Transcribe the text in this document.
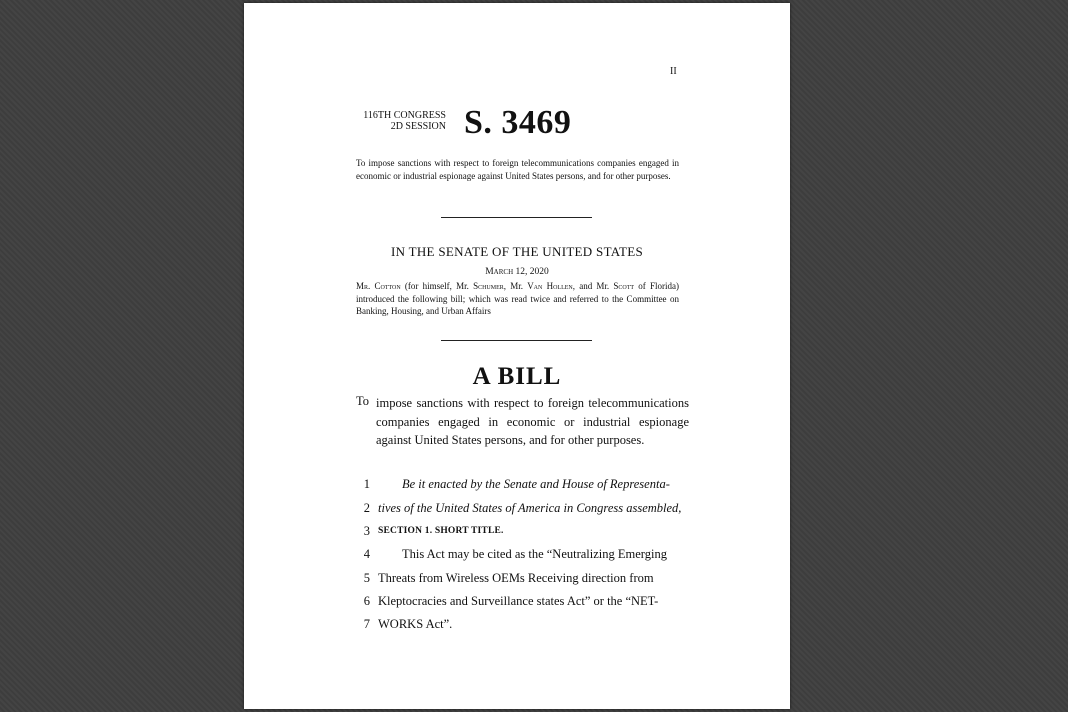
II
116TH CONGRESS
2D SESSION S. 3469
To impose sanctions with respect to foreign telecommunications companies engaged in economic or industrial espionage against United States persons, and for other purposes.
IN THE SENATE OF THE UNITED STATES
March 12, 2020
Mr. Cotton (for himself, Mr. Schumer, Mr. Van Hollen, and Mr. Scott of Florida) introduced the following bill; which was read twice and referred to the Committee on Banking, Housing, and Urban Affairs
A BILL
To impose sanctions with respect to foreign telecommunications companies engaged in economic or industrial espionage against United States persons, and for other purposes.
1	Be it enacted by the Senate and House of Representa-
2 tives of the United States of America in Congress assembled,
3 SECTION 1. SHORT TITLE.
4	This Act may be cited as the “Neutralizing Emerging
5 Threats from Wireless OEMs Receiving direction from
6 Kleptocracies and Surveillance states Act” or the “NET-
7 WORKS Act”.
